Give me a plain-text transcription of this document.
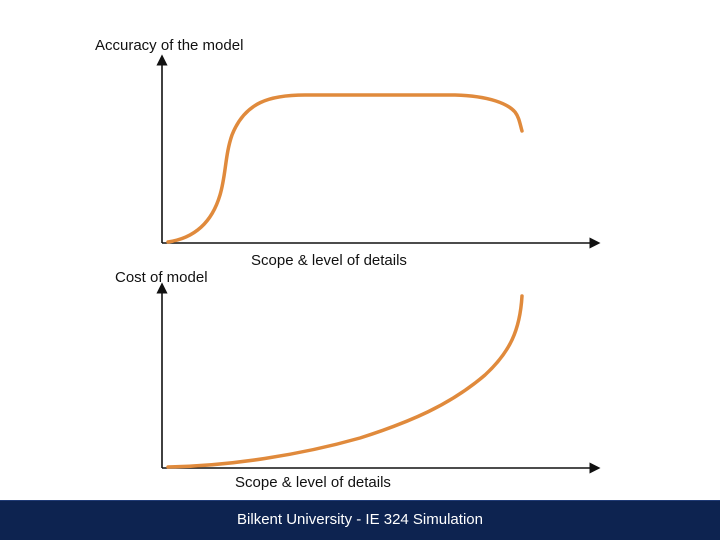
Accuracy of the model
Scope & level of details
Cost of model
Scope & level of details
Bilkent University - IE 324 Simulation
